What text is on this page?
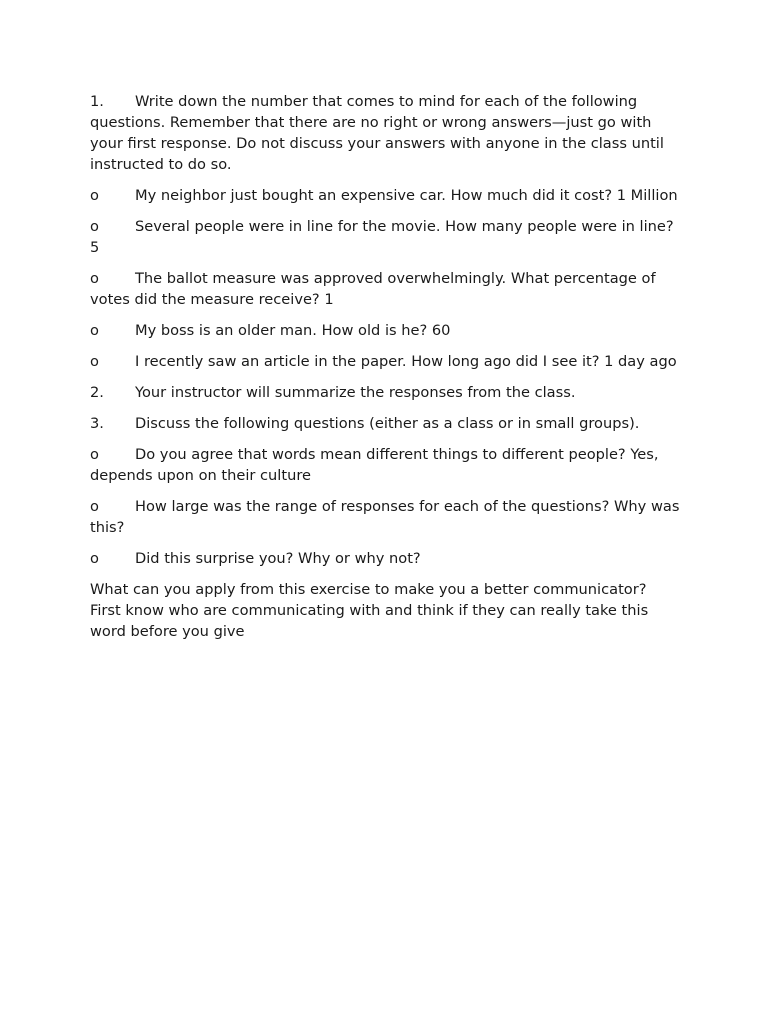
1. Write down the number that comes to mind for each of the following questions. Remember that there are no right or wrong answers—just go with your first response. Do not discuss your answers with anyone in the class until instructed to do so.

o My neighbor just bought an expensive car. How much did it cost? 1 Million

o Several people were in line for the movie. How many people were in line? 5

o The ballot measure was approved overwhelmingly. What percentage of votes did the measure receive? 1

o My boss is an older man. How old is he? 60

o I recently saw an article in the paper. How long ago did I see it? 1 day ago

2. Your instructor will summarize the responses from the class.

3. Discuss the following questions (either as a class or in small groups).

o Do you agree that words mean different things to different people? Yes, depends upon on their culture

o How large was the range of responses for each of the questions? Why was this?

o Did this surprise you? Why or why not?

What can you apply from this exercise to make you a better communicator?
First know who are communicating with and think if they can really take this word before you give
